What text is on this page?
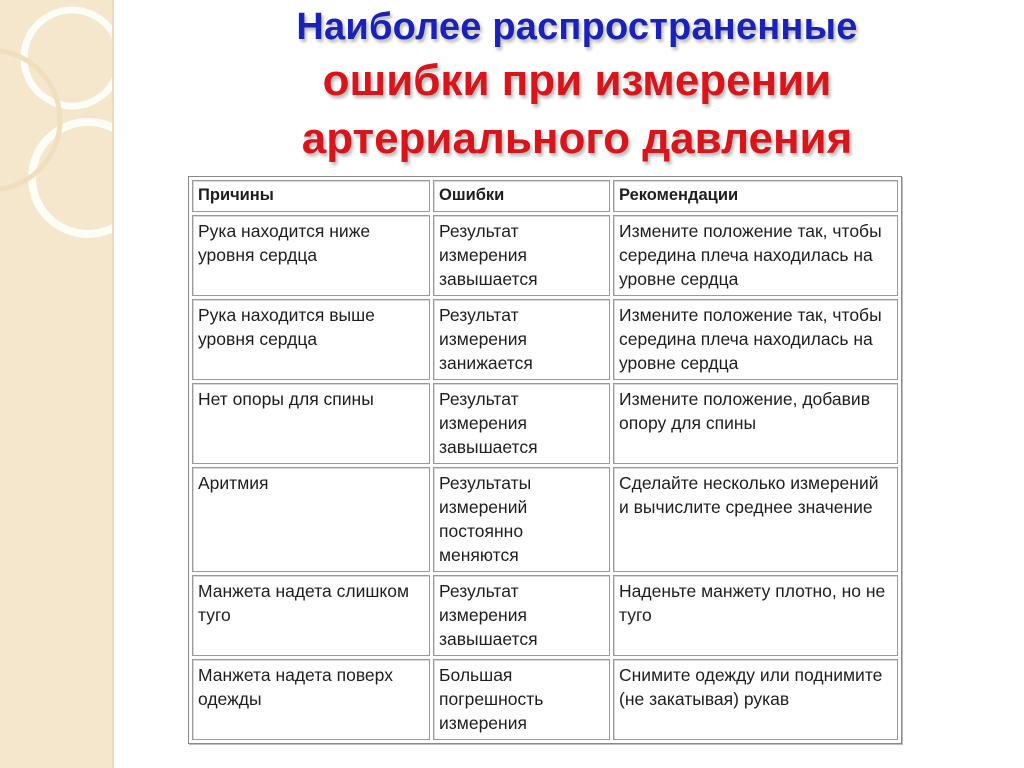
Наиболее распространенные
ошибки при измерении
артериального давления
Причины	Ошибки	Рекомендации
Рука находится ниже уровня сердца	Результат измерения завышается	Измените положение так, чтобы середина плеча находилась на уровне сердца
Рука находится выше уровня сердца	Результат измерения занижается	Измените положение так, чтобы середина плеча находилась на уровне сердца
Нет опоры для спины	Результат измерения завышается	Измените положение, добавив опору для спины
Аритмия	Результаты измерений постоянно меняются	Сделайте несколько измерений и вычислите среднее значение
Манжета надета слишком туго	Результат измерения завышается	Наденьте манжету плотно, но не туго
Манжета надета поверх одежды	Большая погрешность измерения	Снимите одежду или поднимите (не закатывая) рукав
